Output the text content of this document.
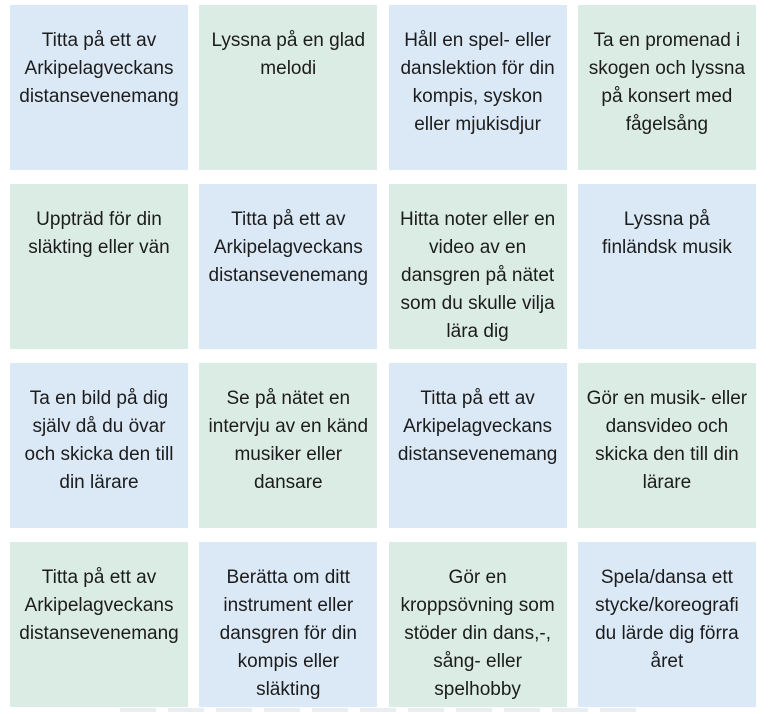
Titta på ett av Arkipelagveckans distansevenemang
Lyssna på en glad melodi
Håll en spel- eller danslektion för din kompis, syskon eller mjukisdjur
Ta en promenad i skogen och lyssna på konsert med fågelsång
Uppträd för din släkting eller vän
Titta på ett av Arkipelagveckans distansevenemang
Hitta noter eller en video av en dansgren på nätet som du skulle vilja lära dig
Lyssna på finländsk musik
Ta en bild på dig själv då du övar och skicka den till din lärare
Se på nätet en intervju av en känd musiker eller dansare
Titta på ett av Arkipelagveckans distansevenemang
Gör en musik- eller dansvideo och skicka den till din lärare
Titta på ett av Arkipelagveckans distansevenemang
Berätta om ditt instrument eller dansgren för din kompis eller släkting
Gör en kroppsövning som stöder din dans,-, sång- eller spelhobby
Spela/dansa ett stycke/koreografi du lärde dig förra året
